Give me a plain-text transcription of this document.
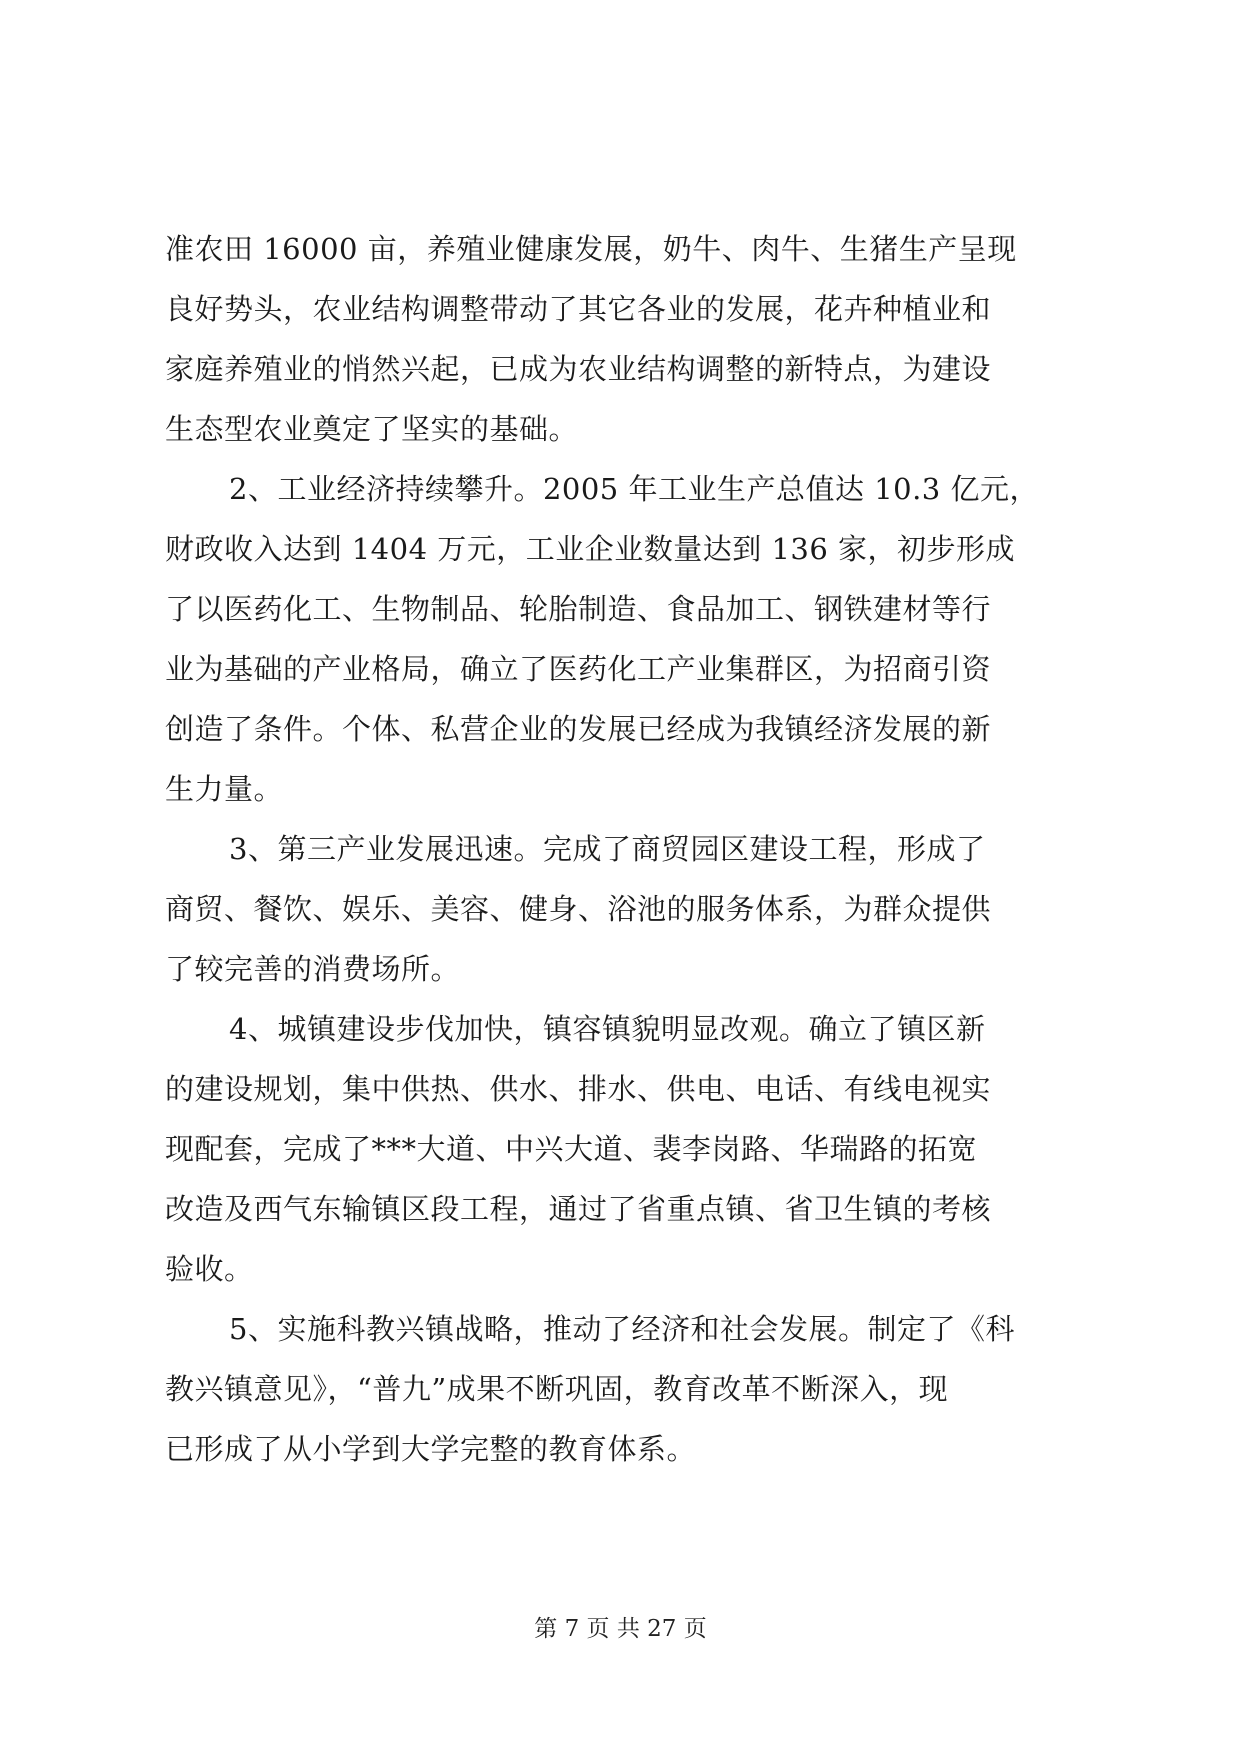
准农田 16000 亩，养殖业健康发展，奶牛、肉牛、生猪生产呈现
良好势头，农业结构调整带动了其它各业的发展，花卉种植业和
家庭养殖业的悄然兴起，已成为农业结构调整的新特点，为建设
生态型农业奠定了坚实的基础。
2、工业经济持续攀升。2005 年工业生产总值达 10.3 亿元，
财政收入达到 1404 万元，工业企业数量达到 136 家，初步形成
了以医药化工、生物制品、轮胎制造、食品加工、钢铁建材等行
业为基础的产业格局，确立了医药化工产业集群区，为招商引资
创造了条件。个体、私营企业的发展已经成为我镇经济发展的新
生力量。
3、第三产业发展迅速。完成了商贸园区建设工程，形成了
商贸、餐饮、娱乐、美容、健身、浴池的服务体系，为群众提供
了较完善的消费场所。
4、城镇建设步伐加快，镇容镇貌明显改观。确立了镇区新
的建设规划，集中供热、供水、排水、供电、电话、有线电视实
现配套，完成了***大道、中兴大道、裴李岗路、华瑞路的拓宽
改造及西气东输镇区段工程，通过了省重点镇、省卫生镇的考核
验收。
5、实施科教兴镇战略，推动了经济和社会发展。制定了《科
教兴镇意见》，“普九”成果不断巩固，教育改革不断深入，现
已形成了从小学到大学完整的教育体系。
第 7 页 共 27 页
